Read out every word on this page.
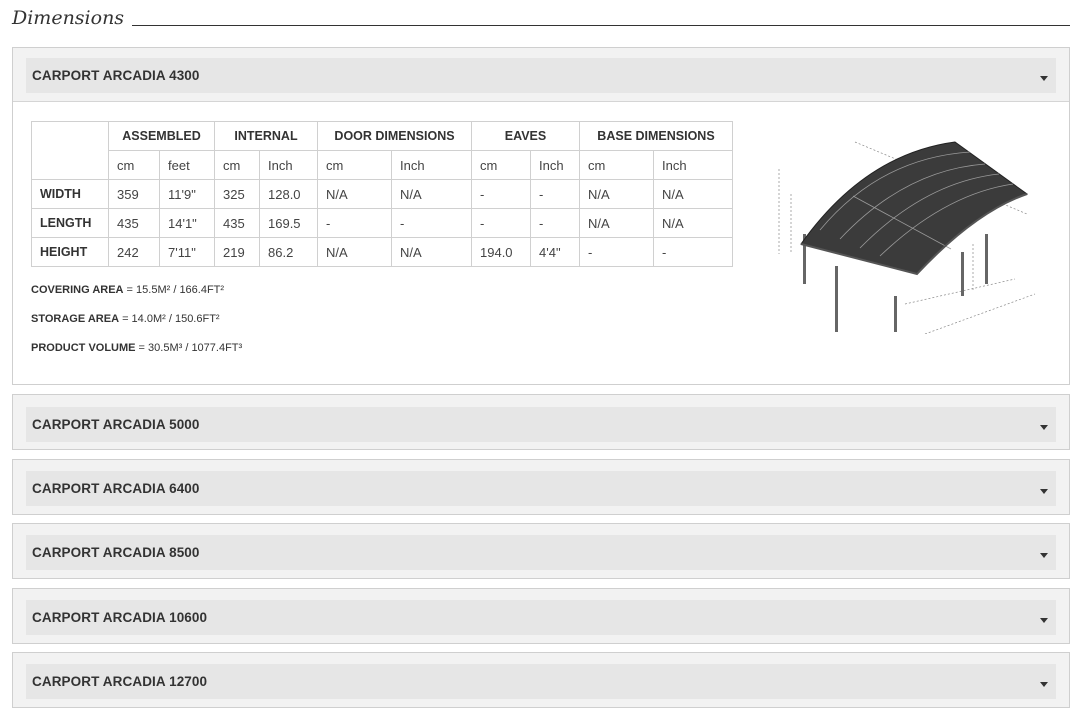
Dimensions
CARPORT ARCADIA 4300
	ASSEMBLED		INTERNAL		DOOR DIMENSIONS		EAVES		BASE DIMENSIONS	
	cm	feet	cm	Inch	cm	Inch	cm	Inch	cm	Inch
WIDTH	359	11'9"	325	128.0	N/A	N/A	-	-	N/A	N/A
LENGTH	435	14'1"	435	169.5	-	-	-	-	N/A	N/A
HEIGHT	242	7'11"	219	86.2	N/A	N/A	194.0	4'4"	-	-
COVERING AREA = 15.5M² / 166.4FT²
STORAGE AREA = 14.0M² / 150.6FT²
PRODUCT VOLUME = 30.5M³ / 1077.4FT³
CARPORT ARCADIA 5000
CARPORT ARCADIA 6400
CARPORT ARCADIA 8500
CARPORT ARCADIA 10600
CARPORT ARCADIA 12700
